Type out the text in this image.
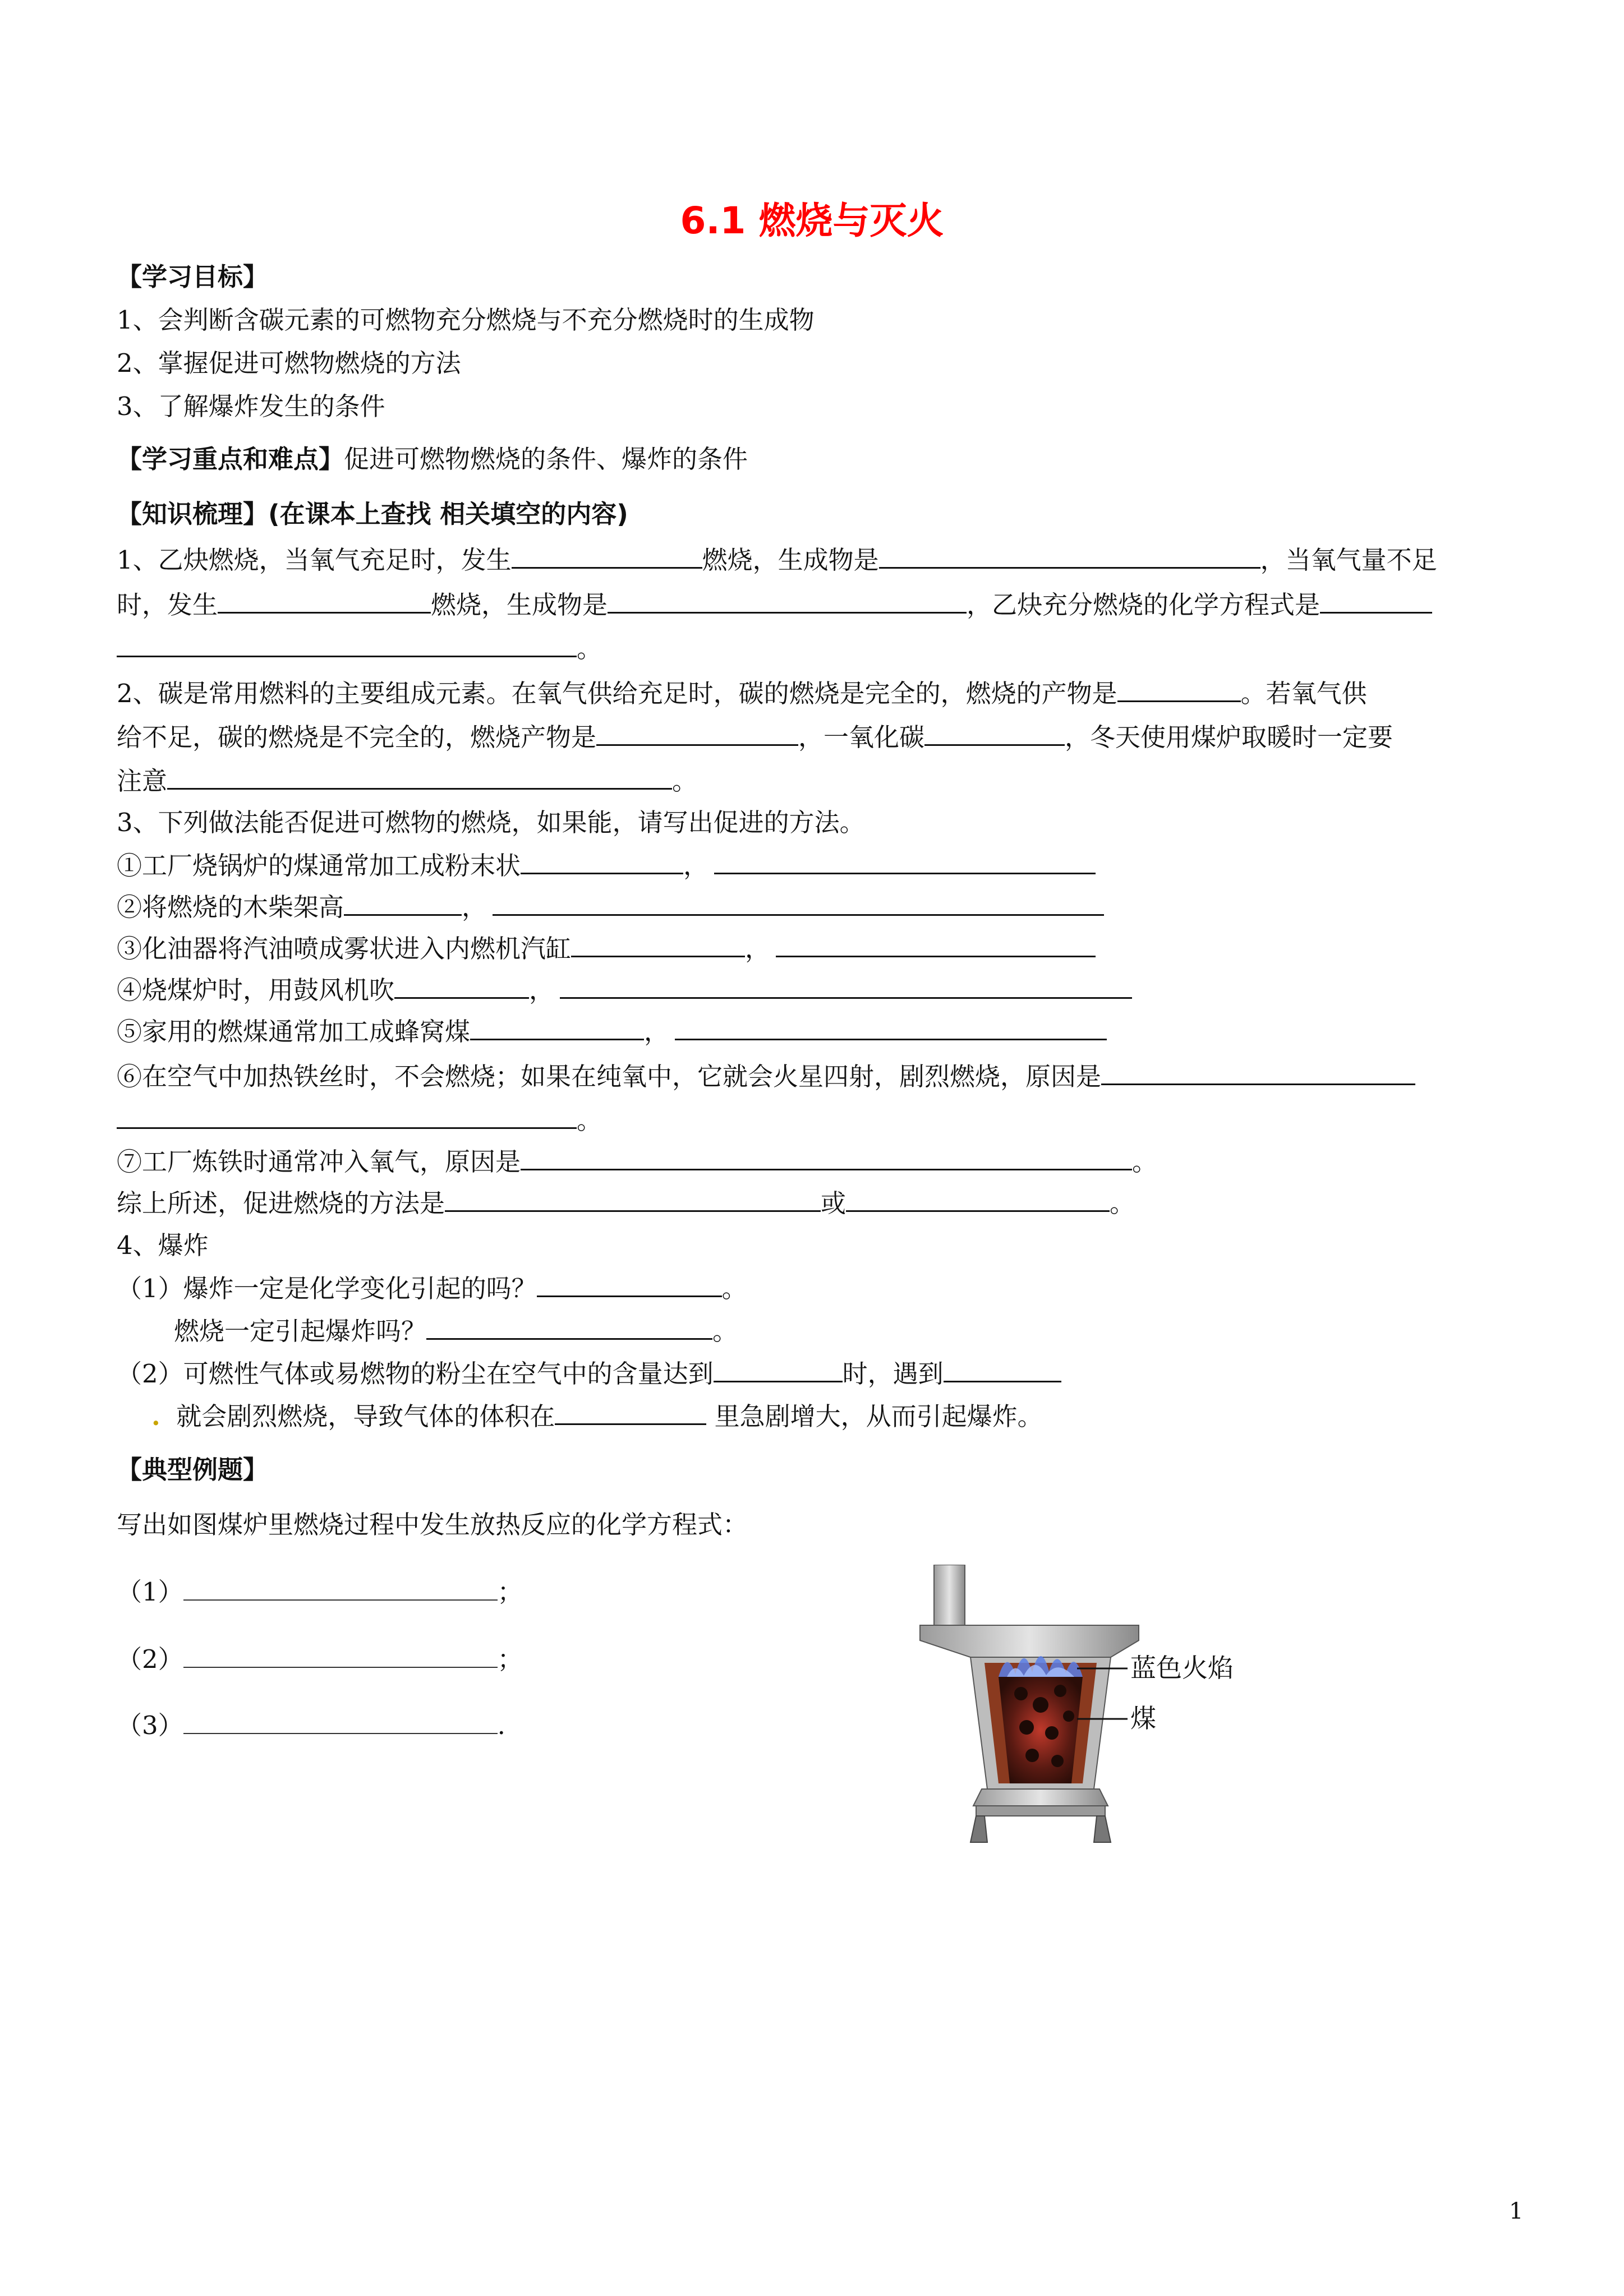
6.1 燃烧与灭火
【学习目标】
1、会判断含碳元素的可燃物充分燃烧与不充分燃烧时的生成物
2、掌握促进可燃物燃烧的方法
3、了解爆炸发生的条件
【学习重点和难点】促进可燃物燃烧的条件、爆炸的条件
【知识梳理】(在课本上查找 相关填空的内容)
1、乙炔燃烧，当氧气充足时，发生	燃烧，生成物是	，当氧气量不足
时，发生	燃烧，生成物是	，乙炔充分燃烧的化学方程式是
。
2、碳是常用燃料的主要组成元素。在氧气供给充足时，碳的燃烧是完全的，燃烧的产物是	。若氧气供
给不足，碳的燃烧是不完全的，燃烧产物是	，一氧化碳	，冬天使用煤炉取暖时一定要
注意	。
3、下列做法能否促进可燃物的燃烧，如果能，请写出促进的方法。
①工厂烧锅炉的煤通常加工成粉末状	，
②将燃烧的木柴架高	，
③化油器将汽油喷成雾状进入内燃机汽缸	，
④烧煤炉时，用鼓风机吹	，
⑤家用的燃煤通常加工成蜂窝煤	，
⑥在空气中加热铁丝时，不会燃烧；如果在纯氧中，它就会火星四射，剧烈燃烧，原因是
。
⑦工厂炼铁时通常冲入氧气，原因是	。
综上所述，促进燃烧的方法是	或	。
4、爆炸
（1）爆炸一定是化学变化引起的吗？	。
燃烧一定引起爆炸吗？	。
（2）可燃性气体或易燃物的粉尘在空气中的含量达到	时，遇到
. 就会剧烈燃烧，导致气体的体积在	里急剧增大，从而引起爆炸。
【典型例题】
写出如图煤炉里燃烧过程中发生放热反应的化学方程式：
（1）	；
（2）	；
（3）	.
蓝色火焰
煤
1
